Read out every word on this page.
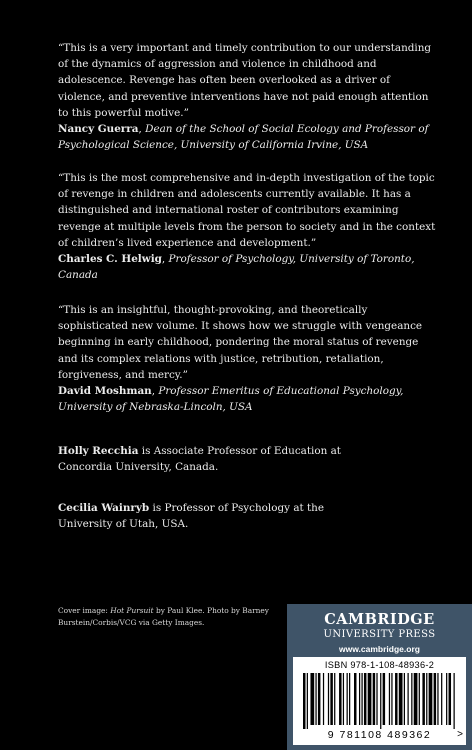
“This is a very important and timely contribution to our understanding of the dynamics of aggression and violence in childhood and adolescence. Revenge has often been overlooked as a driver of violence, and preventive interventions have not paid enough attention to this powerful motive.”
Nancy Guerra, Dean of the School of Social Ecology and Professor of Psychological Science, University of California Irvine, USA
“This is the most comprehensive and in-depth investigation of the topic of revenge in children and adolescents currently available. It has a distinguished and international roster of contributors examining revenge at multiple levels from the person to society and in the context of children’s lived experience and development.”
Charles C. Helwig, Professor of Psychology, University of Toronto, Canada
“This is an insightful, thought-provoking, and theoretically sophisticated new volume. It shows how we struggle with vengeance beginning in early childhood, pondering the moral status of revenge and its complex relations with justice, retribution, retaliation, forgiveness, and mercy.”
David Moshman, Professor Emeritus of Educational Psychology, University of Nebraska-Lincoln, USA

Holly Recchia is Associate Professor of Education at Concordia University, Canada.

Cecilia Wainryb is Professor of Psychology at the University of Utah, USA.

Cover image: Hot Pursuit by Paul Klee. Photo by Barney Burstein/Corbis/VCG via Getty Images.	CAMBRIDGE
UNIVERSITY PRESS
www.cambridge.org
ISBN 978-1-108-48936-2
9 781108 489362	>
